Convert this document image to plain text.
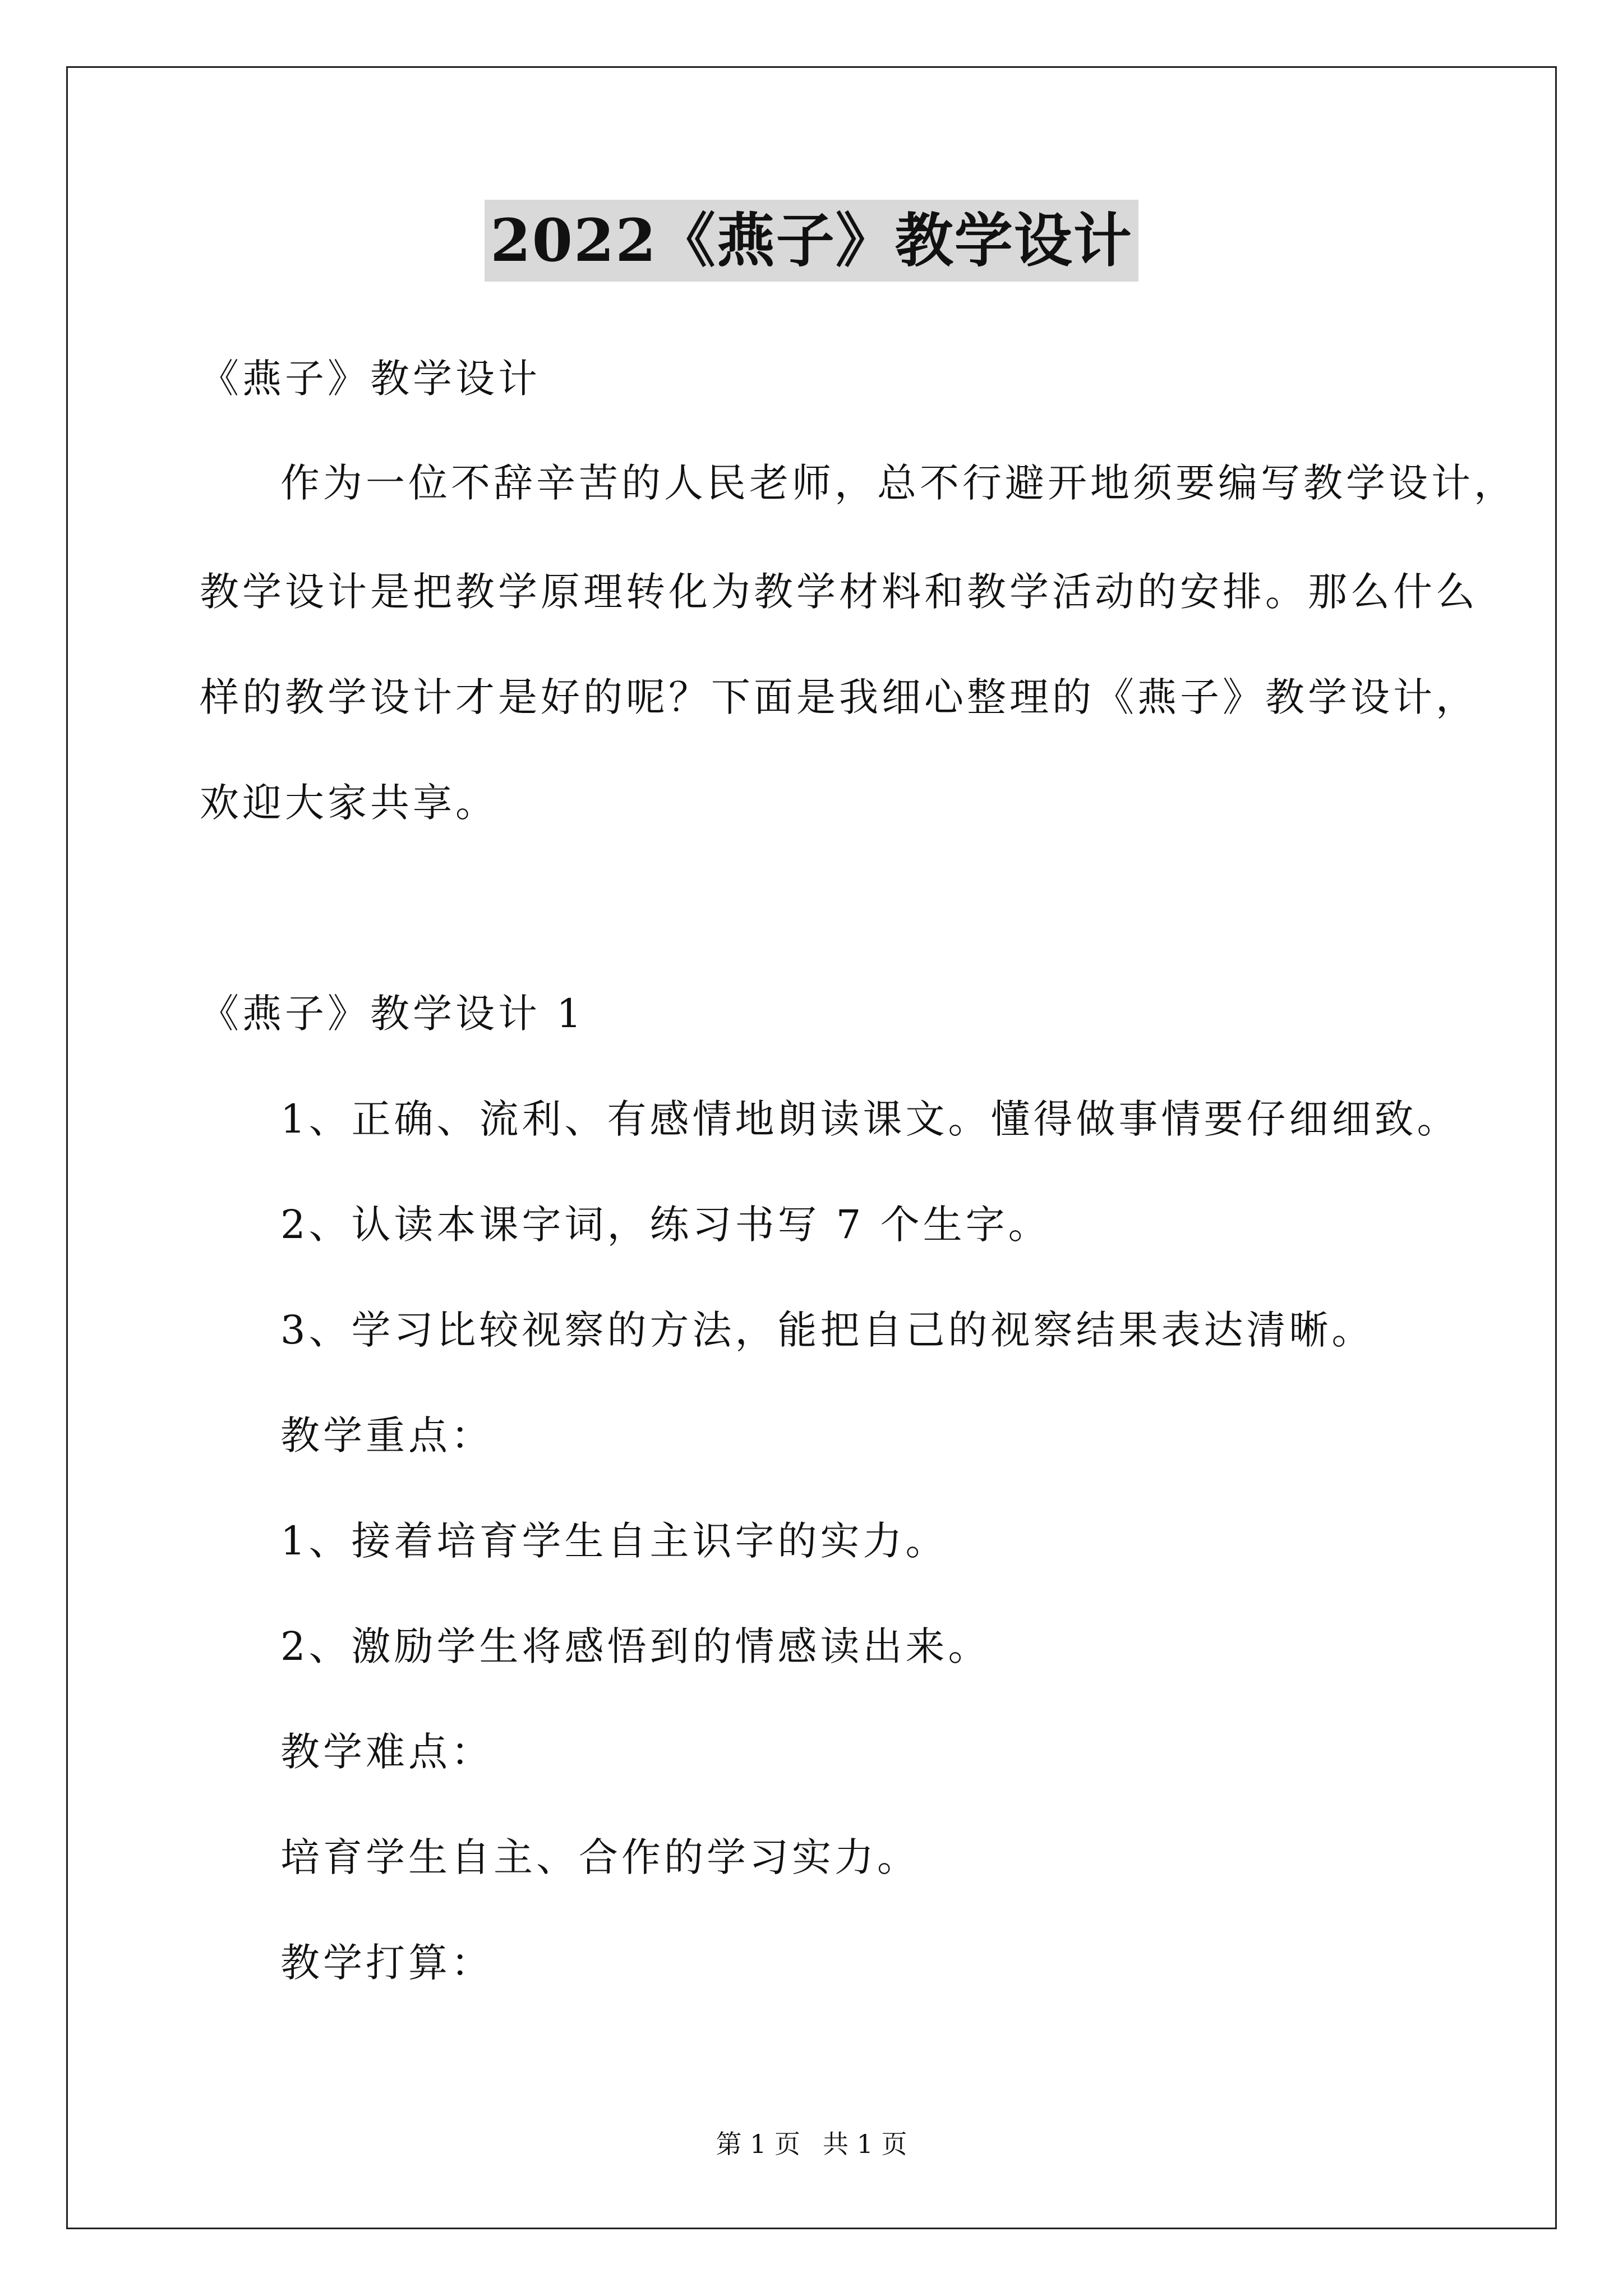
2022《燕子》教学设计
《燕子》教学设计
作为一位不辞辛苦的人民老师，总不行避开地须要编写教学设计，
教学设计是把教学原理转化为教学材料和教学活动的安排。那么什么
样的教学设计才是好的呢？下面是我细心整理的《燕子》教学设计，
欢迎大家共享。
《燕子》教学设计 1
1、正确、流利、有感情地朗读课文。懂得做事情要仔细细致。
2、认读本课字词，练习书写 7 个生字。
3、学习比较视察的方法，能把自己的视察结果表达清晰。
教学重点：
1、接着培育学生自主识字的实力。
2、激励学生将感悟到的情感读出来。
教学难点：
培育学生自主、合作的学习实力。
教学打算：
第 1 页 共 1 页
